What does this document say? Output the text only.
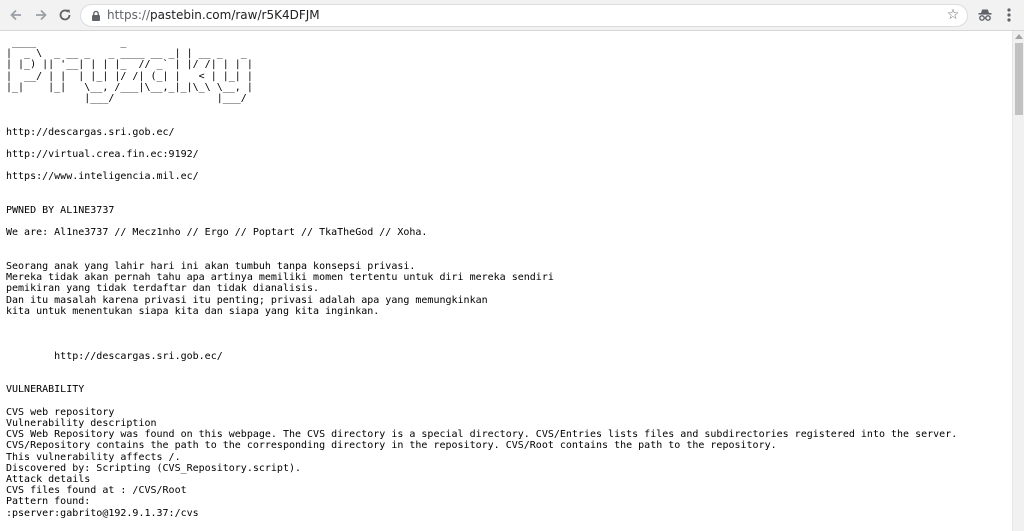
https://pastebin.com/raw/r5K4DFJM	☆
____              _
|  _ \  _ __ _   _ ____ __ _| | __ _   _
| |_) || '__| | | |_  // _` | |/ /| | | |
|  __/ | |  | |_| |/ /| (_| |   < | |_| |
|_|    |_|   \__, /___|\__,_|_|\_\ \__, |
|___/                 |___/

http://descargas.sri.gob.ec/

http://virtual.crea.fin.ec:9192/

https://www.inteligencia.mil.ec/

PWNED BY AL1NE3737

We are: Al1ne3737 // Mecz1nho // Ergo // Poptart // TkaTheGod // Xoha.

Seorang anak yang lahir hari ini akan tumbuh tanpa konsepsi privasi.
Mereka tidak akan pernah tahu apa artinya memiliki momen tertentu untuk diri mereka sendiri
pemikiran yang tidak terdaftar dan tidak dianalisis.
Dan itu masalah karena privasi itu penting; privasi adalah apa yang memungkinkan
kita untuk menentukan siapa kita dan siapa yang kita inginkan.

http://descargas.sri.gob.ec/

VULNERABILITY

CVS web repository
Vulnerability description
CVS Web Repository was found on this webpage. The CVS directory is a special directory. CVS/Entries lists files and subdirectories registered into the server.
CVS/Repository contains the path to the corresponding directory in the repository. CVS/Root contains the path to the repository.
This vulnerability affects /.
Discovered by: Scripting (CVS_Repository.script).
Attack details
CVS files found at : /CVS/Root
Pattern found:
:pserver:gabrito@192.9.1.37:/cvs
